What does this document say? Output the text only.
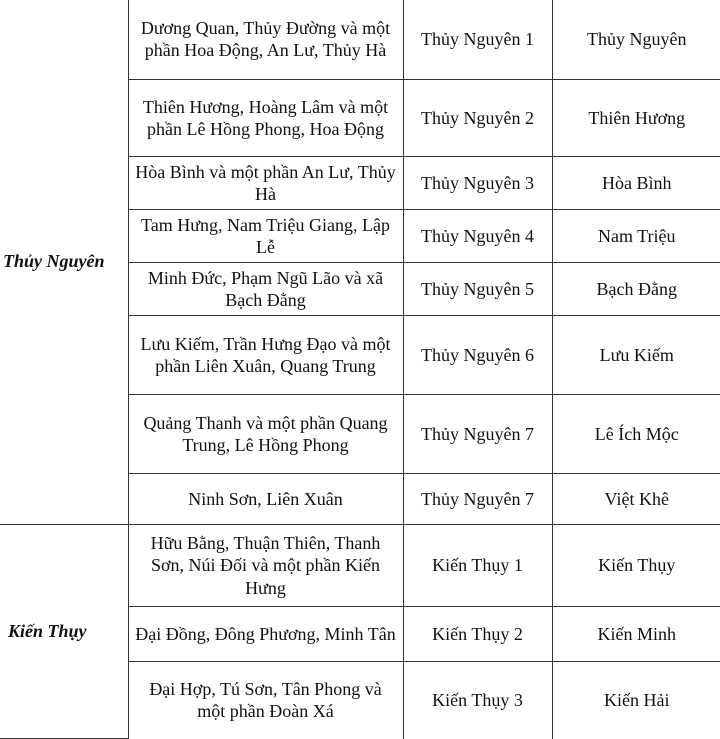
Thủy Nguyên	Dương Quan, Thủy Đường và một phần Hoa Động, An Lư, Thủy Hà	Thủy Nguyên 1	Thủy Nguyên
	Thiên Hương, Hoàng Lâm và một phần Lê Hồng Phong, Hoa Động	Thủy Nguyên 2	Thiên Hương
	Hòa Bình và một phần An Lư, Thủy Hà	Thủy Nguyên 3	Hòa Bình
	Tam Hưng, Nam Triệu Giang, Lập Lễ	Thủy Nguyên 4	Nam Triệu
	Minh Đức, Phạm Ngũ Lão và xã Bạch Đằng	Thủy Nguyên 5	Bạch Đằng
	Lưu Kiếm, Trần Hưng Đạo và một phần Liên Xuân, Quang Trung	Thủy Nguyên 6	Lưu Kiếm
	Quảng Thanh và một phần Quang Trung, Lê Hồng Phong	Thủy Nguyên 7	Lê Ích Mộc
	Ninh Sơn, Liên Xuân	Thủy Nguyên 7	Việt Khê
Kiến Thụy	Hữu Bằng, Thuận Thiên, Thanh Sơn, Núi Đối và một phần Kiến Hưng	Kiến Thụy 1	Kiến Thụy
	Đại Đồng, Đông Phương, Minh Tân	Kiến Thụy 2	Kiến Minh
	Đại Hợp, Tú Sơn, Tân Phong và một phần Đoàn Xá	Kiến Thụy 3	Kiến Hải
